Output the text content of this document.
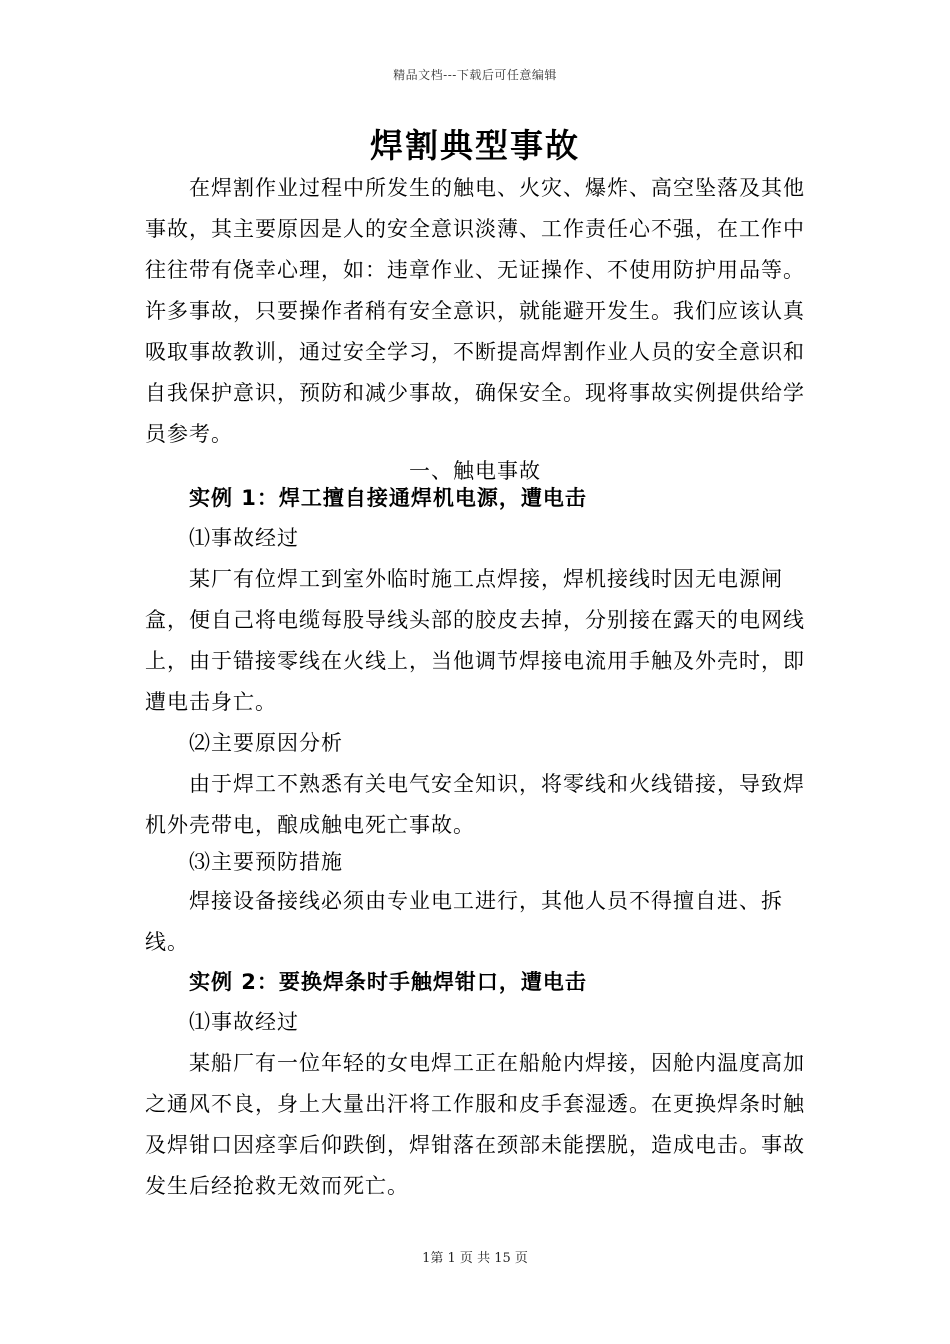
精品文档---下载后可任意编辑
焊割典型事故
在焊割作业过程中所发生的触电、火灾、爆炸、高空坠落及其他事故，其主要原因是人的安全意识淡薄、工作责任心不强，在工作中往往带有侥幸心理，如：违章作业、无证操作、不使用防护用品等。许多事故，只要操作者稍有安全意识，就能避开发生。我们应该认真吸取事故教训，通过安全学习，不断提高焊割作业人员的安全意识和自我保护意识，预防和减少事故，确保安全。现将事故实例提供给学员参考。
一、触电事故
实例 1：焊工擅自接通焊机电源，遭电击
⑴事故经过
某厂有位焊工到室外临时施工点焊接，焊机接线时因无电源闸盒，便自己将电缆每股导线头部的胶皮去掉，分别接在露天的电网线上，由于错接零线在火线上，当他调节焊接电流用手触及外壳时，即遭电击身亡。
⑵主要原因分析
由于焊工不熟悉有关电气安全知识，将零线和火线错接，导致焊机外壳带电，酿成触电死亡事故。
⑶主要预防措施
焊接设备接线必须由专业电工进行，其他人员不得擅自进、拆线。
实例 2：要换焊条时手触焊钳口，遭电击
⑴事故经过
某船厂有一位年轻的女电焊工正在船舱内焊接，因舱内温度高加之通风不良，身上大量出汗将工作服和皮手套湿透。在更换焊条时触及焊钳口因痉挛后仰跌倒，焊钳落在颈部未能摆脱，造成电击。事故发生后经抢救无效而死亡。
1第 1 页 共 15 页
